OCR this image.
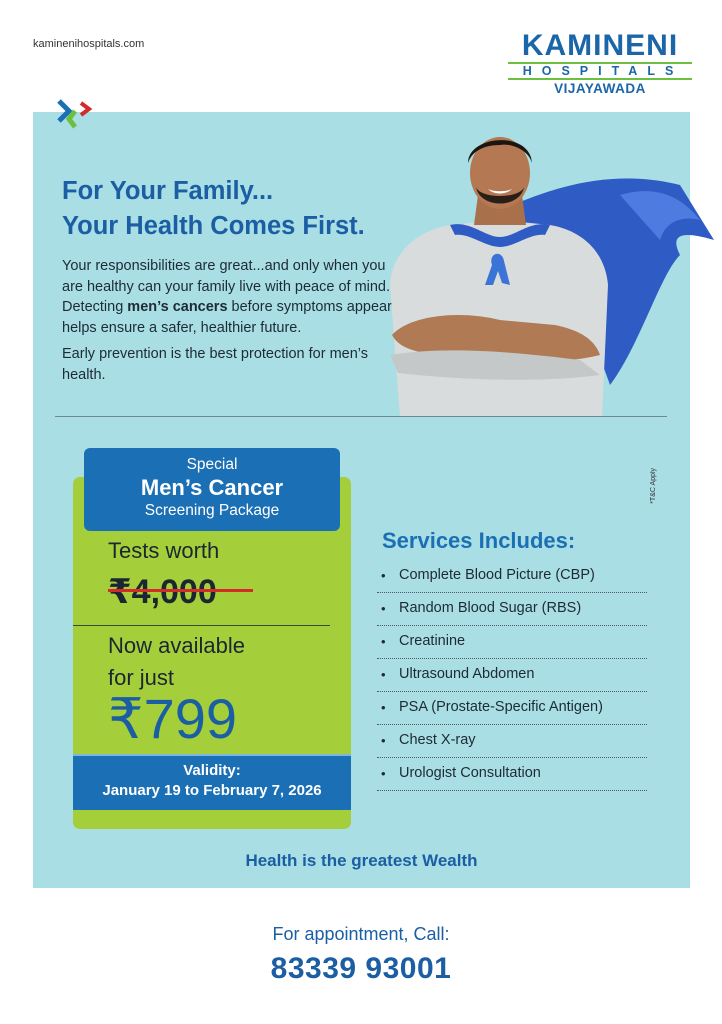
kaminenihospitals.com	KAMINENI
HOSPITALS
VIJAYAWADA
For Your Family...
Your Health Comes First.

Your responsibilities are great...and only when you are healthy can your family live with peace of mind.

Detecting men’s cancers before symptoms appear helps ensure a safer, healthier future.

Early prevention is the best protection for men’s health.

*T&C Apply
Special
Men’s Cancer
Screening Package
Tests worth
₹4,000
Now available
for just
₹799
Validity:
January 19 to February 7, 2026
Services Includes:
• Complete Blood Picture (CBP)
• Random Blood Sugar (RBS)
• Creatinine
• Ultrasound Abdomen
• PSA (Prostate-Specific Antigen)
• Chest X-ray
• Urologist Consultation
Health is the greatest Wealth
For appointment, Call:
83339 93001
